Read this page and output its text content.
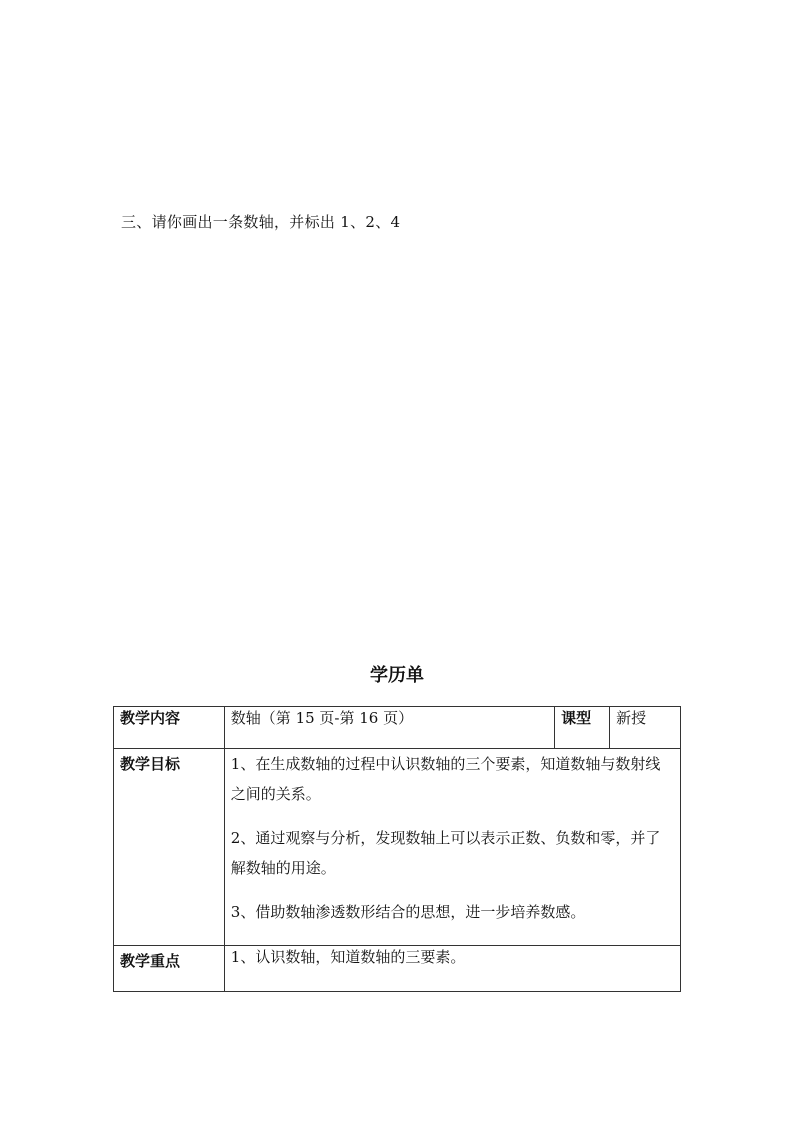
三、请你画出一条数轴，并标出 1、2、4
学历单
教学内容	数轴（第 15 页-第 16 页）	课型	新授
教学目标	1、在生成数轴的过程中认识数轴的三个要素，知道数轴与数射线之间的关系。

2、通过观察与分析，发现数轴上可以表示正数、负数和零，并了解数轴的用途。

3、借助数轴渗透数形结合的思想，进一步培养数感。		

教学重点	1、认识数轴，知道数轴的三要素。		
